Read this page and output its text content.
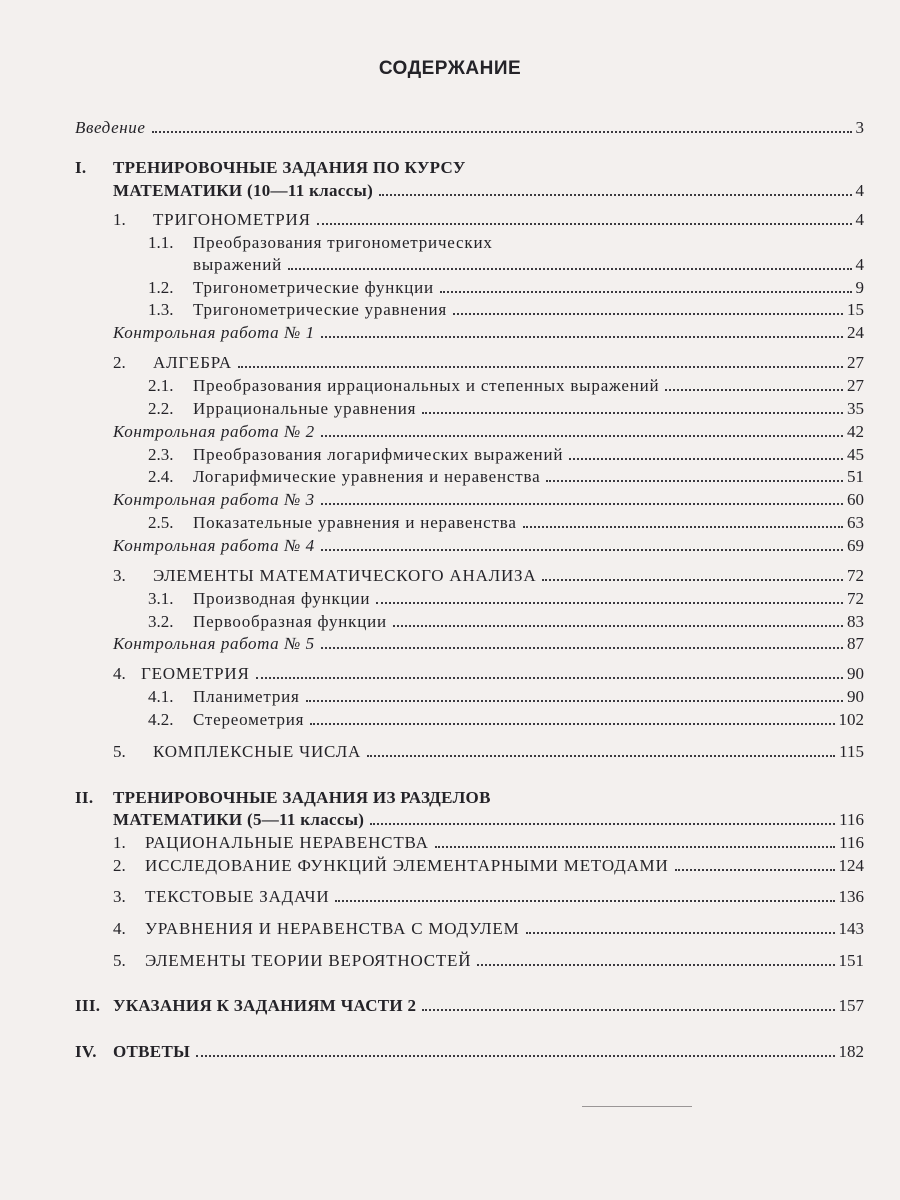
СОДЕРЖАНИЕ
Введение	3
I. ТРЕНИРОВОЧНЫЕ ЗАДАНИЯ ПО КУРСУ
МАТЕМАТИКИ (10—11 классы)	4
1.	ТРИГОНОМЕТРИЯ	4
1.1. Преобразования тригонометрических
выражений	4
1.2.	Тригонометрические функции	9
1.3.	Тригонометрические уравнения	15
Контрольная работа № 1	24
2.	АЛГЕБРА	27
2.1.	Преобразования иррациональных и степенных выражений	27
2.2.	Иррациональные уравнения	35
Контрольная работа № 2	42
2.3.	Преобразования логарифмических выражений	45
2.4.	Логарифмические уравнения и неравенства	51
Контрольная работа № 3	60
2.5.	Показательные уравнения и неравенства	63
Контрольная работа № 4	69
3.	ЭЛЕМЕНТЫ МАТЕМАТИЧЕСКОГО АНАЛИЗА	72
3.1.	Производная функции	72
3.2.	Первообразная функции	83
Контрольная работа № 5	87
4. ГЕОМЕТРИЯ	90
4.1.	Планиметрия	90
4.2.	Стереометрия	102
5.	КОМПЛЕКСНЫЕ ЧИСЛА	115
II. ТРЕНИРОВОЧНЫЕ ЗАДАНИЯ ИЗ РАЗДЕЛОВ
МАТЕМАТИКИ (5—11 классы)	116
1.	РАЦИОНАЛЬНЫЕ НЕРАВЕНСТВА	116
2.	ИССЛЕДОВАНИЕ ФУНКЦИЙ ЭЛЕМЕНТАРНЫМИ МЕТОДАМИ	124
3.	ТЕКСТОВЫЕ ЗАДАЧИ	136
4.	УРАВНЕНИЯ И НЕРАВЕНСТВА С МОДУЛЕМ	143
5.	ЭЛЕМЕНТЫ ТЕОРИИ ВЕРОЯТНОСТЕЙ	151
III. УКАЗАНИЯ К ЗАДАНИЯМ ЧАСТИ 2	157
IV. ОТВЕТЫ	182
